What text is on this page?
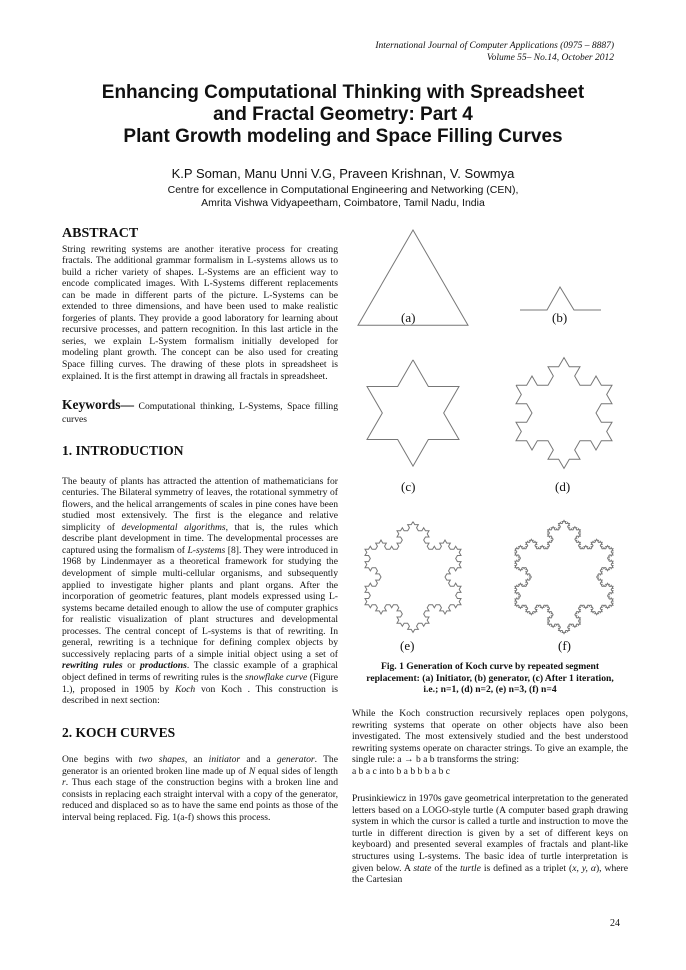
International Journal of Computer Applications (0975 – 8887)
Volume 55– No.14, October 2012
Enhancing Computational Thinking with Spreadsheet
and Fractal Geometry: Part 4
Plant Growth modeling and Space Filling Curves
K.P Soman, Manu Unni V.G, Praveen Krishnan, V. Sowmya
Centre for excellence in Computational Engineering and Networking (CEN),
Amrita Vishwa Vidyapeetham, Coimbatore, Tamil Nadu, India
ABSTRACT

String rewriting systems are another iterative process for creating fractals. The additional grammar formalism in L-systems allows us to build a richer variety of shapes. L-Systems are an efficient way to encode complicated images. With L-Systems different replacements can be made in different parts of the picture. L-Systems can be extended to three dimensions, and have been used to make realistic forgeries of plants. They provide a good laboratory for learning about recursive processes, and pattern recognition. In this last article in the series, we explain L-System formalism initially developed for modeling plant growth. The concept can be also used for creating Space filling curves. The drawing of these plots in spreadsheet is explained. It is the first attempt in drawing all fractals in spreadsheet.

Keywords— Computational thinking, L-Systems, Space filling curves

1. INTRODUCTION

The beauty of plants has attracted the attention of mathematicians for centuries. The Bilateral symmetry of leaves, the rotational symmetry of flowers, and the helical arrangements of scales in pine cones have been studied most extensively. The first is the elegance and relative simplicity of developmental algorithms, that is, the rules which describe plant development in time. The developmental processes are captured using the formalism of L-systems [8]. They were introduced in 1968 by Lindenmayer as a theoretical framework for studying the development of simple multi-cellular organisms, and subsequently applied to investigate higher plants and plant organs. After the incorporation of geometric features, plant models expressed using L-systems became detailed enough to allow the use of computer graphics for realistic visualization of plant structures and developmental processes. The central concept of L-systems is that of rewriting. In general, rewriting is a technique for defining complex objects by successively replacing parts of a simple initial object using a set of rewriting rules or productions. The classic example of a graphical object defined in terms of rewriting rules is the snowflake curve (Figure 1.), proposed in 1905 by Koch von Koch . This construction is described in next section:

2. KOCH CURVES

One begins with two shapes, an initiator and a generator. The generator is an oriented broken line made up of N equal sides of length r. Thus each stage of the construction begins with a broken line and consists in replacing each straight interval with a copy of the generator, reduced and displaced so as to have the same end points as those of the interval being replaced. Fig. 1(a-f) shows this process.

(a)	(b)
(c)	(d)
(e)	(f)
Fig. 1 Generation of Koch curve by repeated segment
replacement: (a) Initiator, (b) generator, (c) After 1 iteration,
i.e.; n=1, (d) n=2, (e) n=3, (f) n=4

While the Koch construction recursively replaces open polygons, rewriting systems that operate on other objects have also been investigated. The most extensively studied and the best understood rewriting systems operate on character strings. To give an example, the single rule: a → b a b transforms the string:

a b a c into b a b b b a b c

Prusinkiewicz in 1970s gave geometrical interpretation to the generated letters based on a LOGO-style turtle (A computer based graph drawing system in which the cursor is called a turtle and instruction to move the turtle in different direction is given by a set of different keys on keyboard) and presented several examples of fractals and plant-like structures using L-systems. The basic idea of turtle interpretation is given below. A state of the turtle is defined as a triplet (x, y, α), where the Cartesian

24
